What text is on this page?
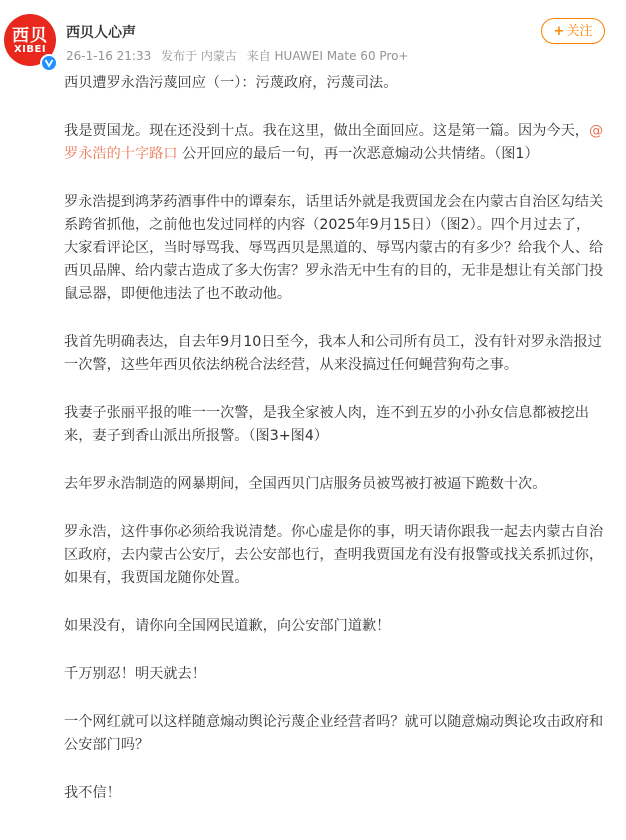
西贝
XIBEI
西贝人心声
26-1-16 21:33 发布于 内蒙古 来自 HUAWEI Mate 60 Pro+
+ 关注

西贝遭罗永浩污蔑回应（一）：污蔑政府，污蔑司法。

我是贾国龙。现在还没到十点。我在这里，做出全面回应。这是第一篇。因为今天，@罗永浩的十字路口 公开回应的最后一句，再一次恶意煽动公共情绪。（图1）

罗永浩提到鸿茅药酒事件中的谭秦东，话里话外就是我贾国龙会在内蒙古自治区勾结关系跨省抓他，之前他也发过同样的内容（2025年9月15日）（图2）。四个月过去了，大家看评论区，当时辱骂我、辱骂西贝是黑道的、辱骂内蒙古的有多少？给我个人、给西贝品牌、给内蒙古造成了多大伤害？罗永浩无中生有的目的，无非是想让有关部门投鼠忌器，即便他违法了也不敢动他。

我首先明确表达，自去年9月10日至今，我本人和公司所有员工，没有针对罗永浩报过一次警，这些年西贝依法纳税合法经营，从来没搞过任何蝇营狗苟之事。

我妻子张丽平报的唯一一次警，是我全家被人肉，连不到五岁的小孙女信息都被挖出来，妻子到香山派出所报警。（图3+图4）

去年罗永浩制造的网暴期间，全国西贝门店服务员被骂被打被逼下跪数十次。

罗永浩，这件事你必须给我说清楚。你心虚是你的事，明天请你跟我一起去内蒙古自治区政府，去内蒙古公安厅，去公安部也行，查明我贾国龙有没有报警或找关系抓过你，如果有，我贾国龙随你处置。

如果没有，请你向全国网民道歉，向公安部门道歉！

千万别忍！明天就去！

一个网红就可以这样随意煽动舆论污蔑企业经营者吗？就可以随意煽动舆论攻击政府和公安部门吗？

我不信！
